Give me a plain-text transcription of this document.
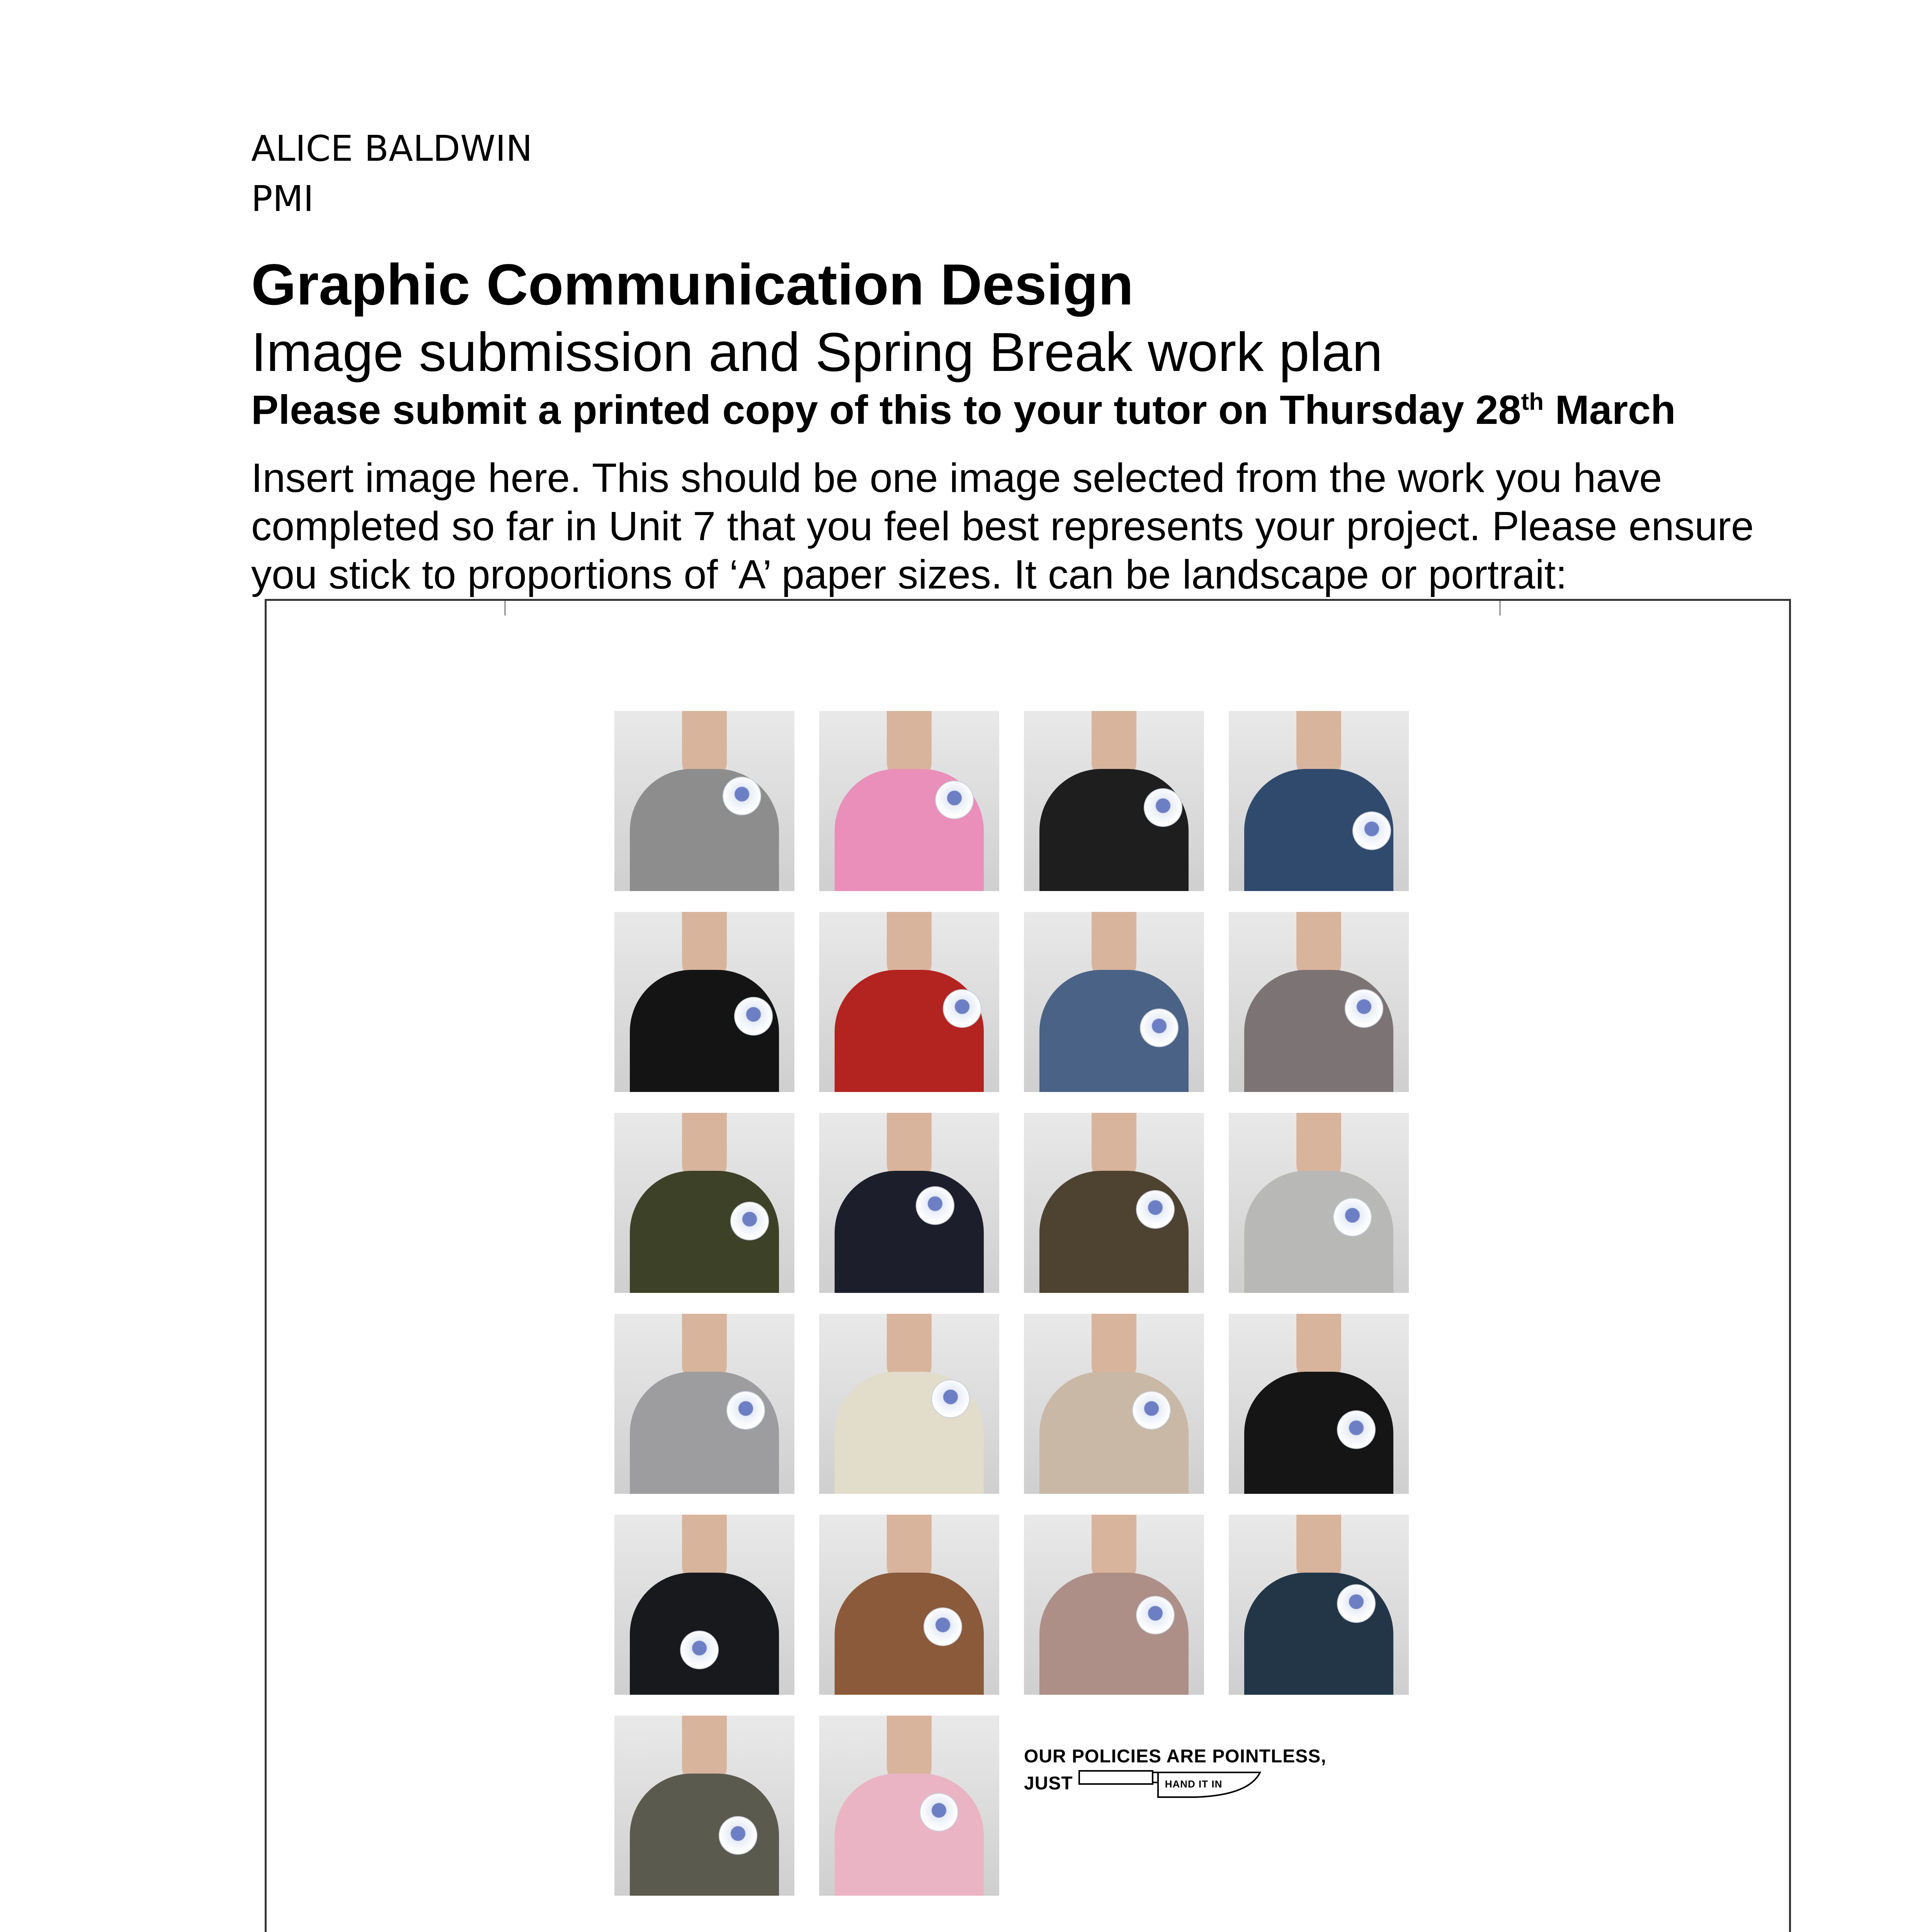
ALICE BALDWIN
PMI
Graphic Communication Design
Image submission and Spring Break work plan
Please submit a printed copy of this to your tutor on Thursday 28th March
Insert image here. This should be one image selected from the work you have
completed so far in Unit 7 that you feel best represents your project. Please ensure
you stick to proportions of ‘A’ paper sizes. It can be landscape or portrait:
OUR POLICIES ARE POINTLESS,
JUST	HAND IT IN
